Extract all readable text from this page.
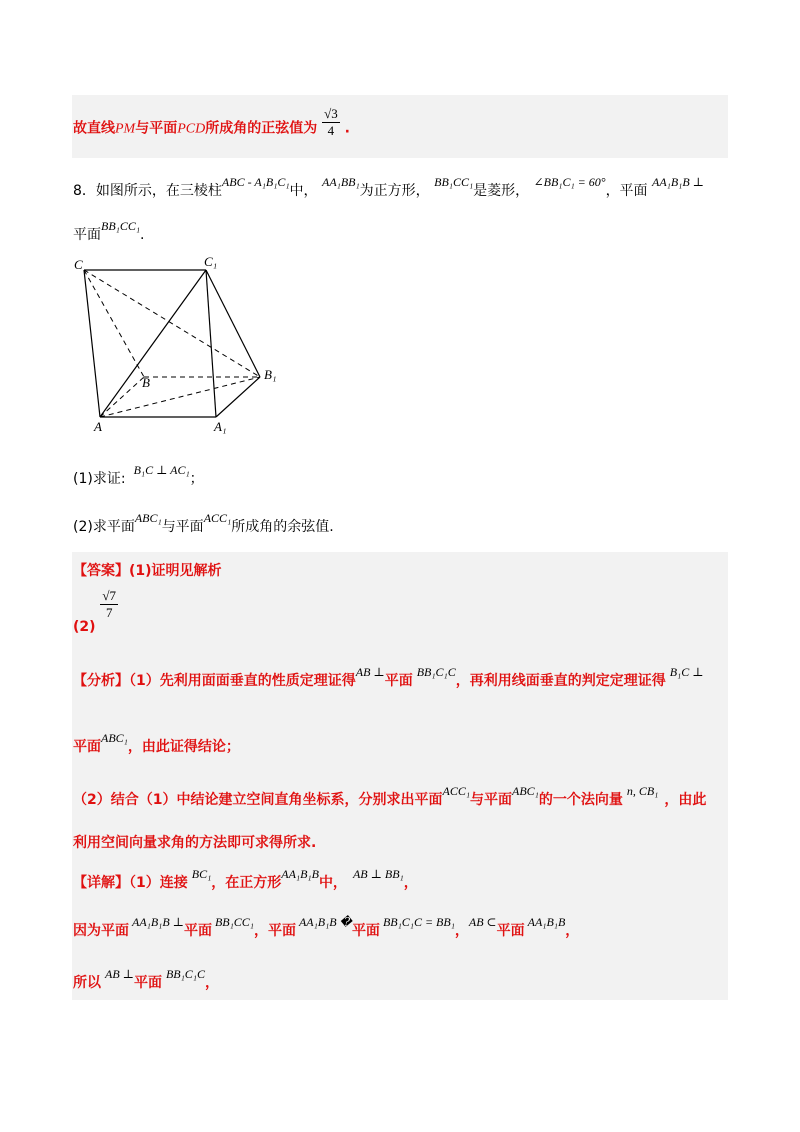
故直线PM与平面PCD所成角的正弦值为 $\frac{√3}{4}$ .
8．如图所示，在三棱柱ABC - A₁B₁C₁中， AA₁BB₁为正方形， BB₁CC₁是菱形， ∠BB₁C₁ = 60°，平面 AA₁B₁B ⊥
平面BB₁CC₁.
C	C₁
B
B₁
A	A₁
(1)求证:B₁C ⊥ AC₁；
(2)求平面ABC₁与平面ACC₁所成角的余弦值.
【答案】(1)证明见解析
(2)
$\frac{√7}{7}$
【分析】（1）先利用面面垂直的性质定理证得AB ⊥平面BB₁C₁C，再利用线面垂直的判定定理证得B₁C ⊥
平面ABC₁，由此证得结论；
（2）结合（1）中结论建立空间直角坐标系，分别求出平面ACC₁与平面ABC₁的一个法向量n, CB₁，由此
利用空间向量求角的方法即可求得所求.
【详解】（1）连接BC₁，在正方形AA₁B₁B中，AB ⊥ BB₁，
因为平面AA₁B₁B ⊥平面BB₁CC₁，平面AA₁B₁B �平面BB₁C₁C = BB₁，AB ⊂平面AA₁B₁B，
所以AB ⊥平面BB₁C₁C，
